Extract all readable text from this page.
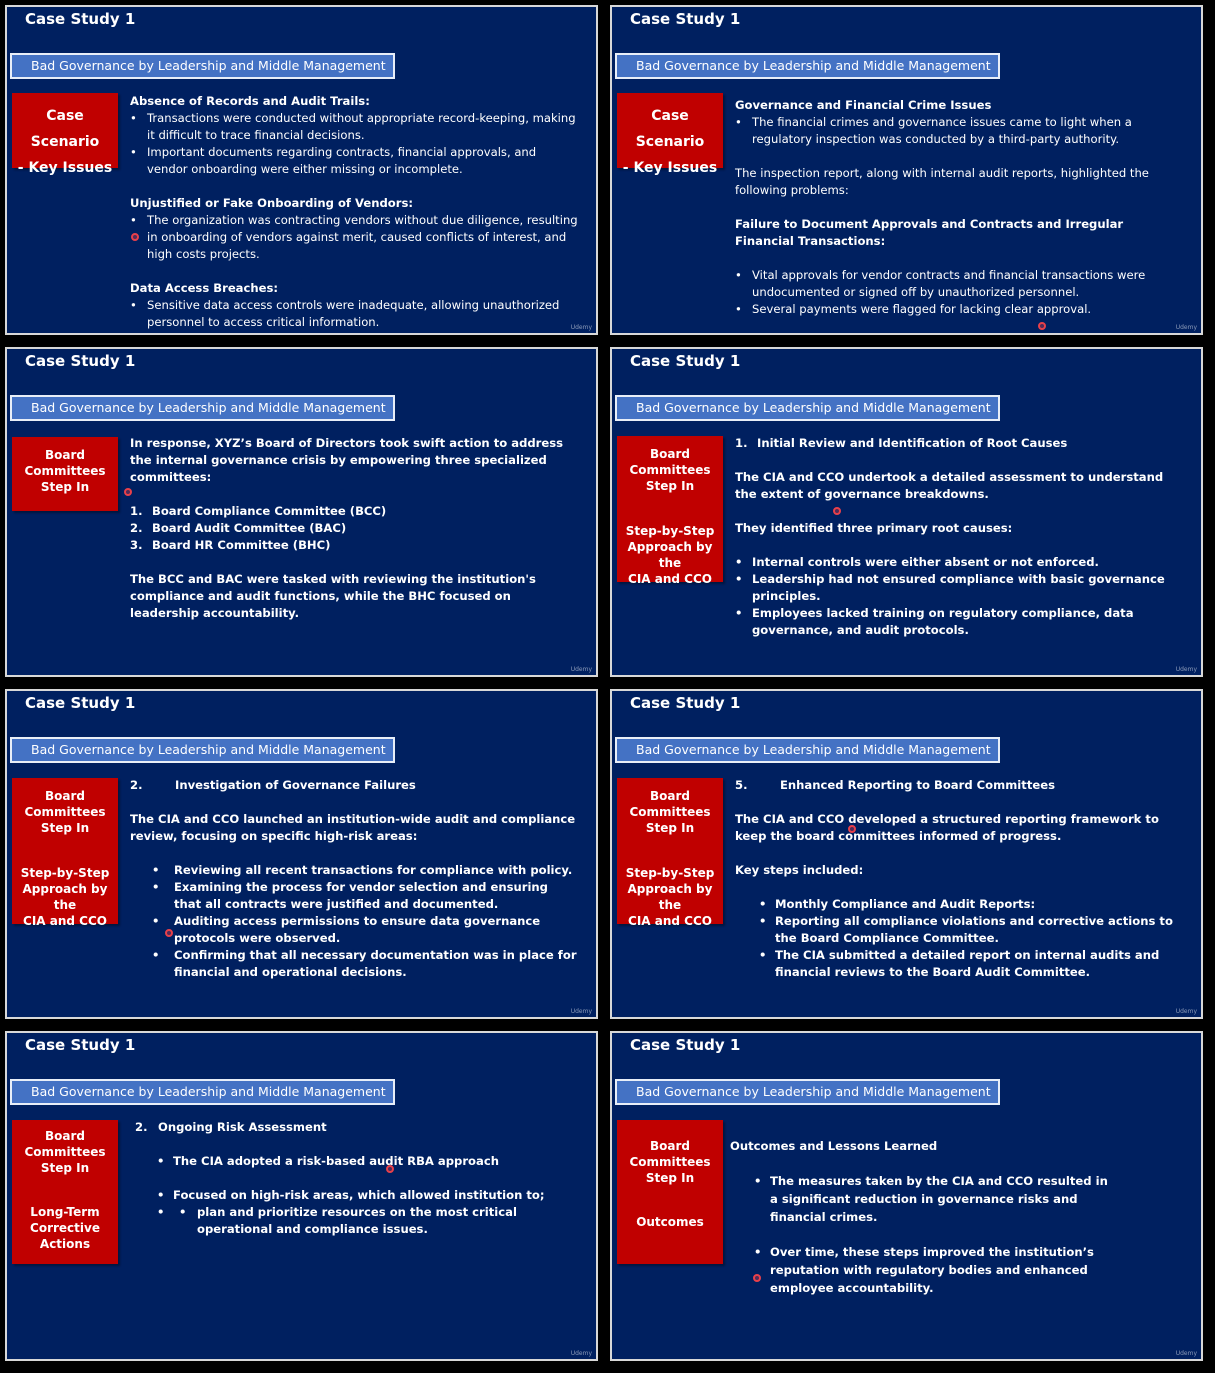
Case Study 1
Bad Governance by Leadership and Middle Management
Case Scenario
- Key Issues

Absence of Records and Audit Trails:

• Transactions were conducted without appropriate record-keeping, making it difficult to trace financial decisions.
• Important documents regarding contracts, financial approvals, and vendor onboarding were either missing or incomplete.

Unjustified or Fake Onboarding of Vendors:

• The organization was contracting vendors without due diligence, resulting in onboarding of vendors against merit, caused conflicts of interest, and high costs projects.

Data Access Breaches:

• Sensitive data access controls were inadequate, allowing unauthorized personnel to access critical information.	Udemy
Case Study 1
Bad Governance by Leadership and Middle Management
Case Scenario
- Key Issues

Governance and Financial Crime Issues

• The financial crimes and governance issues came to light when a regulatory inspection was conducted by a third-party authority.

The inspection report, along with internal audit reports, highlighted the following problems:

Failure to Document Approvals and Contracts and Irregular Financial Transactions:

• Vital approvals for vendor contracts and financial transactions were undocumented or signed off by unauthorized personnel.
• Several payments were flagged for lacking clear approval.
Udemy
Case Study 1
Bad Governance by Leadership and Middle Management
Board
Committees
Step In

In response, XYZ’s Board of Directors took swift action to address the internal governance crisis by empowering three specialized committees:

1. Board Compliance Committee (BCC)
2. Board Audit Committee (BAC)
3. Board HR Committee (BHC)

The BCC and BAC were tasked with reviewing the institution's compliance and audit functions, while the BHC focused on leadership accountability.

Udemy
Case Study 1
Bad Governance by Leadership and Middle Management
Board
Committees
Step In
Step-by-Step
Approach by the
CIA and CCO
1. Initial Review and Identification of Root Causes

The CIA and CCO undertook a detailed assessment to understand the extent of governance breakdowns.

They identified three primary root causes:

• Internal controls were either absent or not enforced.
• Leadership had not ensured compliance with basic governance principles.
• Employees lacked training on regulatory compliance, data governance, and audit protocols.
Udemy
Case Study 1
Bad Governance by Leadership and Middle Management
Board
Committees
Step In
Step-by-Step
Approach by the
CIA and CCO
2.	Investigation of Governance Failures

The CIA and CCO launched an institution-wide audit and compliance review, focusing on specific high-risk areas:

• Reviewing all recent transactions for compliance with policy.
• Examining the process for vendor selection and ensuring that all contracts were justified and documented.
• Auditing access permissions to ensure data governance protocols were observed.
• Confirming that all necessary documentation was in place for financial and operational decisions.
Udemy
Case Study 1
Bad Governance by Leadership and Middle Management
Board
Committees
Step In
Step-by-Step
Approach by the
CIA and CCO
5.	Enhanced Reporting to Board Committees

The CIA and CCO developed a structured reporting framework to keep the board committees informed of progress.

Key steps included:

• Monthly Compliance and Audit Reports:
• Reporting all compliance violations and corrective actions to the Board Compliance Committee.
• The CIA submitted a detailed report on internal audits and financial reviews to the Board Audit Committee.
Udemy
Case Study 1
Bad Governance by Leadership and Middle Management
Board
Committees
Step In
Long-Term
Corrective
Actions
2. Ongoing Risk Assessment
• The CIA adopted a risk-based audit RBA approach
• Focused on high-risk areas, which allowed institution to;
• • plan and prioritize resources on the most critical operational and compliance issues.
Udemy
Case Study 1
Bad Governance by Leadership and Middle Management
Board
Committees
Step In
Outcomes

Outcomes and Lessons Learned

• The measures taken by the CIA and CCO resulted in a significant reduction in governance risks and financial crimes.
• Over time, these steps improved the institution’s reputation with regulatory bodies and enhanced employee accountability.
Udemy
